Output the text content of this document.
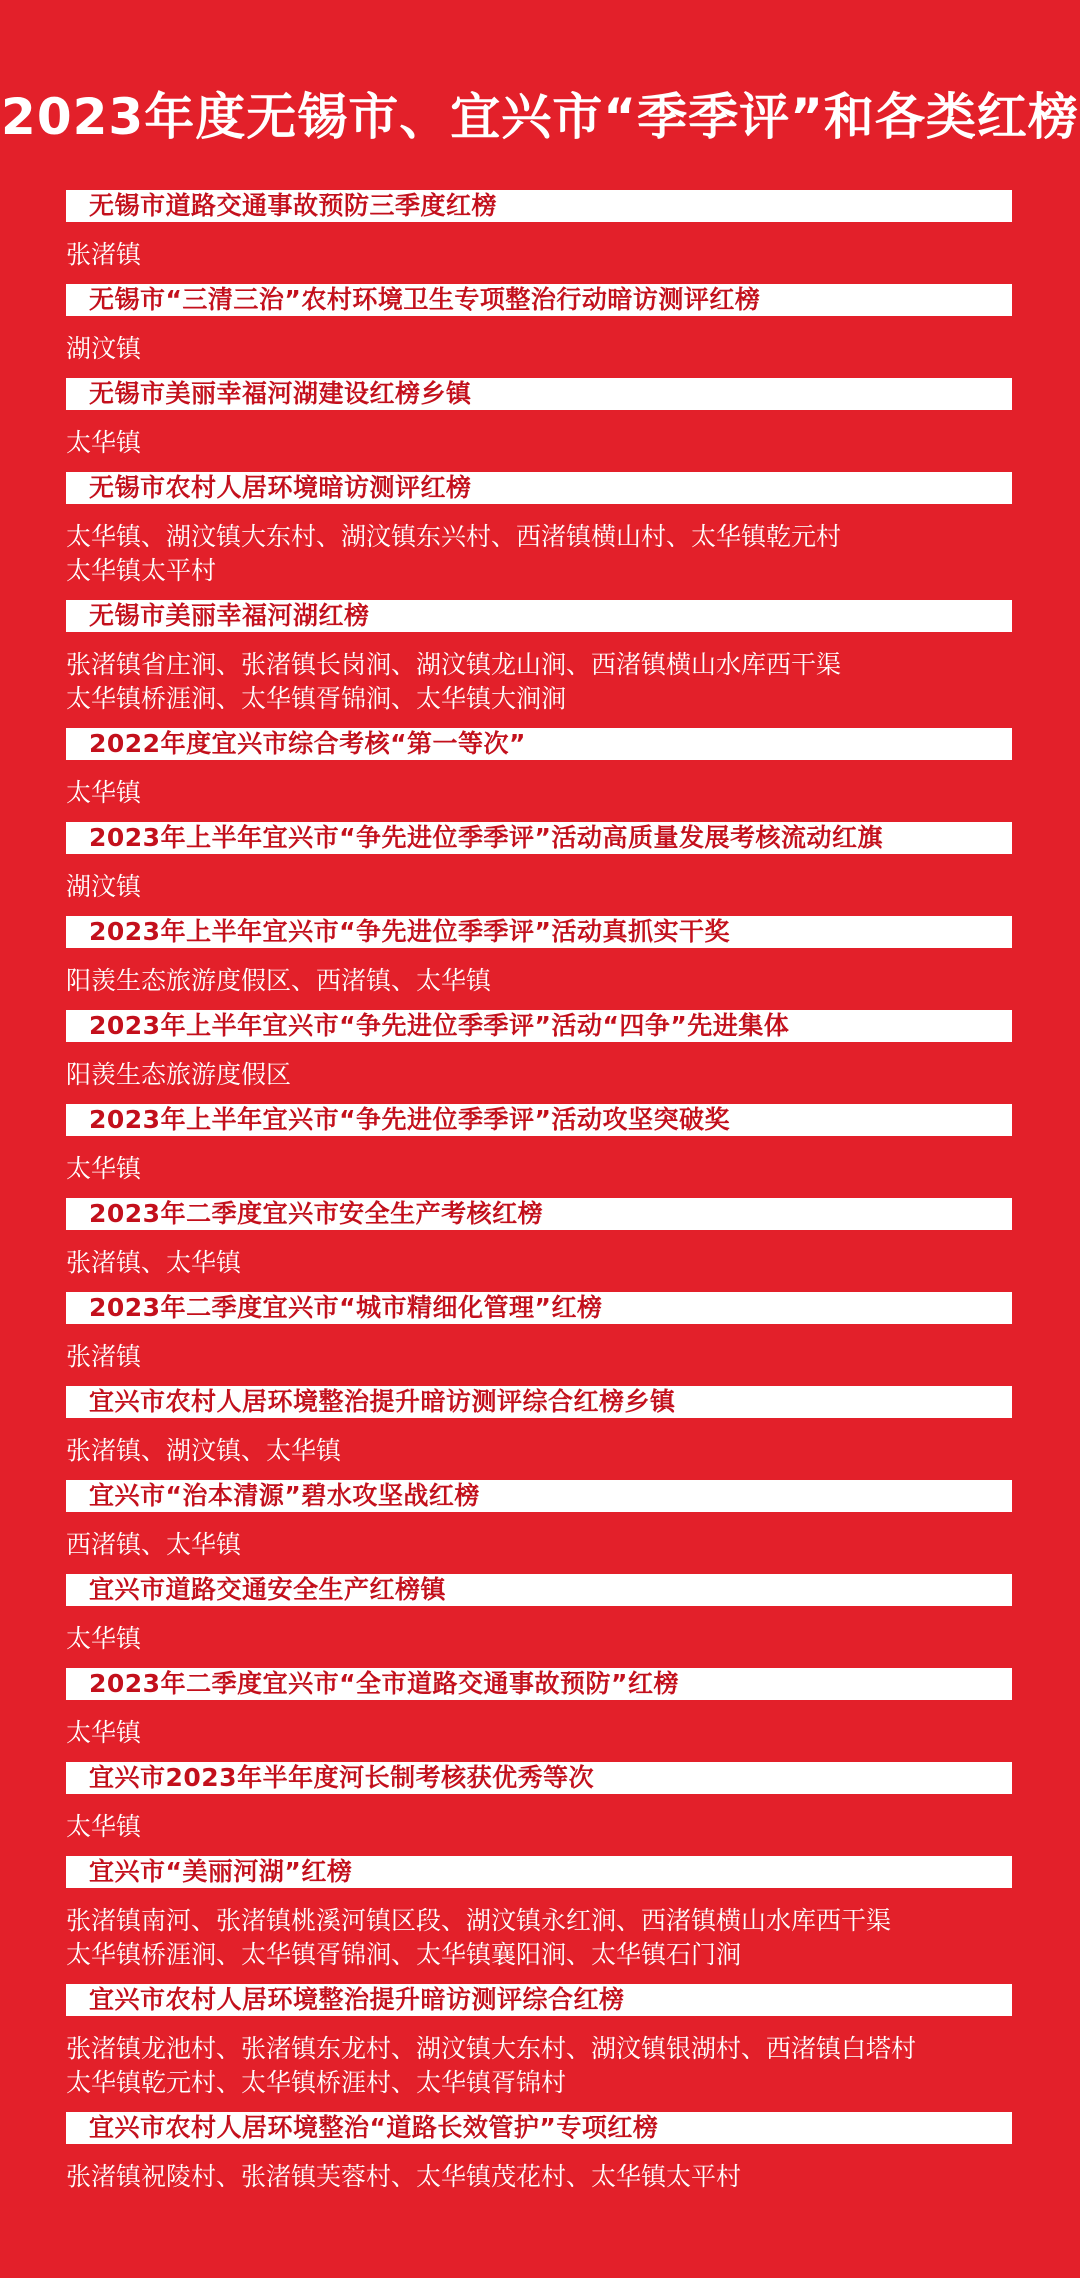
2023年度无锡市、宜兴市“季季评”和各类红榜
无锡市道路交通事故预防三季度红榜
张渚镇
无锡市“三清三治”农村环境卫生专项整治行动暗访测评红榜
湖汶镇
无锡市美丽幸福河湖建设红榜乡镇
太华镇
无锡市农村人居环境暗访测评红榜
太华镇、湖汶镇大东村、湖汶镇东兴村、西渚镇横山村、太华镇乾元村
太华镇太平村
无锡市美丽幸福河湖红榜
张渚镇省庄涧、张渚镇长岗涧、湖汶镇龙山涧、西渚镇横山水库西干渠
太华镇桥涯涧、太华镇胥锦涧、太华镇大涧涧
2022年度宜兴市综合考核“第一等次”
太华镇
2023年上半年宜兴市“争先进位季季评”活动高质量发展考核流动红旗
湖汶镇
2023年上半年宜兴市“争先进位季季评”活动真抓实干奖
阳羡生态旅游度假区、西渚镇、太华镇
2023年上半年宜兴市“争先进位季季评”活动“四争”先进集体
阳羡生态旅游度假区
2023年上半年宜兴市“争先进位季季评”活动攻坚突破奖
太华镇
2023年二季度宜兴市安全生产考核红榜
张渚镇、太华镇
2023年二季度宜兴市“城市精细化管理”红榜
张渚镇
宜兴市农村人居环境整治提升暗访测评综合红榜乡镇
张渚镇、湖汶镇、太华镇
宜兴市“治本清源”碧水攻坚战红榜
西渚镇、太华镇
宜兴市道路交通安全生产红榜镇
太华镇
2023年二季度宜兴市“全市道路交通事故预防”红榜
太华镇
宜兴市2023年半年度河长制考核获优秀等次
太华镇
宜兴市“美丽河湖”红榜
张渚镇南河、张渚镇桃溪河镇区段、湖汶镇永红涧、西渚镇横山水库西干渠
太华镇桥涯涧、太华镇胥锦涧、太华镇襄阳涧、太华镇石门涧
宜兴市农村人居环境整治提升暗访测评综合红榜
张渚镇龙池村、张渚镇东龙村、湖汶镇大东村、湖汶镇银湖村、西渚镇白塔村
太华镇乾元村、太华镇桥涯村、太华镇胥锦村
宜兴市农村人居环境整治“道路长效管护”专项红榜
张渚镇祝陵村、张渚镇芙蓉村、太华镇茂花村、太华镇太平村
